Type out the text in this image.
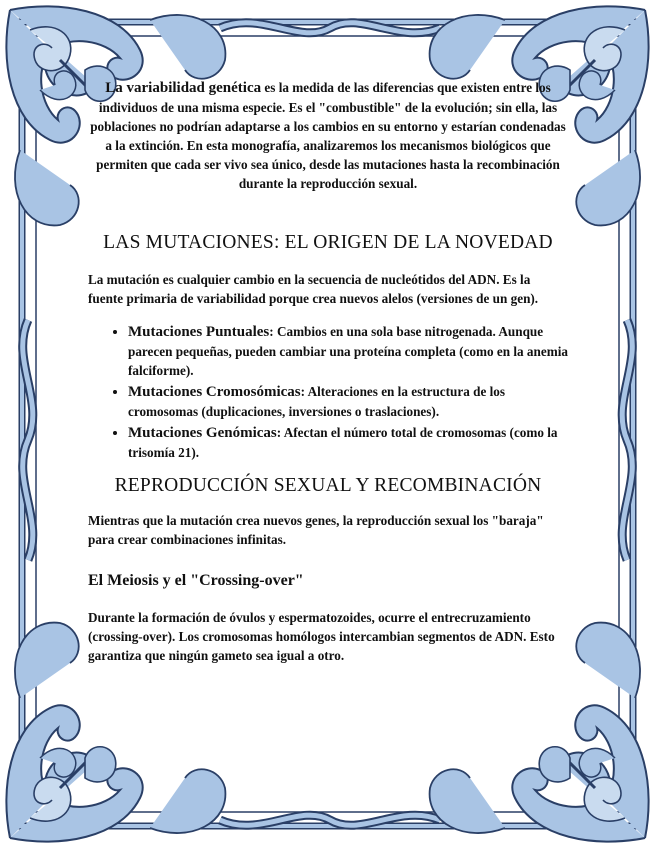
La variabilidad genética es la medida de las diferencias que existen entre los individuos de una misma especie. Es el "combustible" de la evolución; sin ella, las poblaciones no podrían adaptarse a los cambios en su entorno y estarían condenadas a la extinción. En esta monografía, analizaremos los mecanismos biológicos que permiten que cada ser vivo sea único, desde las mutaciones hasta la recombinación durante la reproducción sexual.

LAS MUTACIONES: EL ORIGEN DE LA NOVEDAD

La mutación es cualquier cambio en la secuencia de nucleótidos del ADN. Es la fuente primaria de variabilidad porque crea nuevos alelos (versiones de un gen).

• Mutaciones Puntuales: Cambios en una sola base nitrogenada. Aunque parecen pequeñas, pueden cambiar una proteína completa (como en la anemia falciforme).
• Mutaciones Cromosómicas: Alteraciones en la estructura de los cromosomas (duplicaciones, inversiones o traslaciones).
• Mutaciones Genómicas: Afectan el número total de cromosomas (como la trisomía 21).
REPRODUCCIÓN SEXUAL Y RECOMBINACIÓN

Mientras que la mutación crea nuevos genes, la reproducción sexual los "baraja" para crear combinaciones infinitas.

El Meiosis y el "Crossing-over"

Durante la formación de óvulos y espermatozoides, ocurre el entrecruzamiento (crossing-over). Los cromosomas homólogos intercambian segmentos de ADN. Esto garantiza que ningún gameto sea igual a otro.
